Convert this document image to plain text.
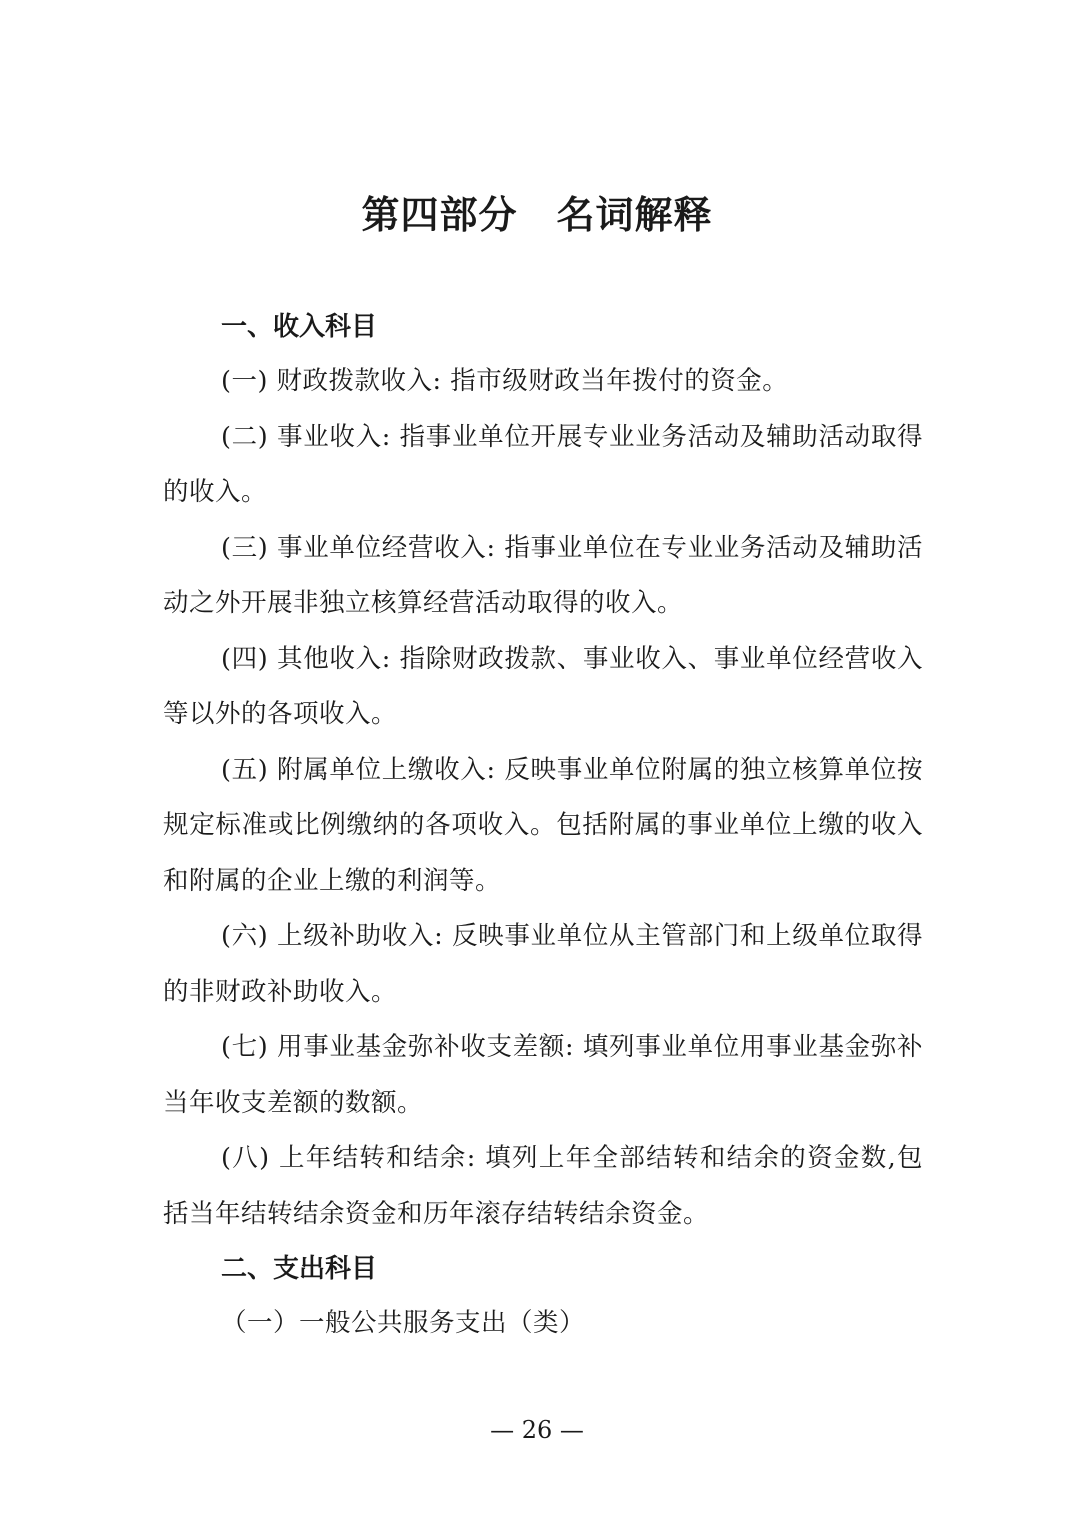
第四部分　名词解释

一、收入科目

(一) 财政拨款收入: 指市级财政当年拨付的资金。

(二) 事业收入: 指事业单位开展专业业务活动及辅助活动取得的收入。

(三) 事业单位经营收入: 指事业单位在专业业务活动及辅助活动之外开展非独立核算经营活动取得的收入。

(四) 其他收入: 指除财政拨款、事业收入、事业单位经营收入等以外的各项收入。

(五) 附属单位上缴收入: 反映事业单位附属的独立核算单位按规定标准或比例缴纳的各项收入。包括附属的事业单位上缴的收入和附属的企业上缴的利润等。

(六) 上级补助收入: 反映事业单位从主管部门和上级单位取得的非财政补助收入。

(七) 用事业基金弥补收支差额: 填列事业单位用事业基金弥补当年收支差额的数额。

(八) 上年结转和结余: 填列上年全部结转和结余的资金数,包括当年结转结余资金和历年滚存结转结余资金。

二、支出科目

（一）一般公共服务支出（类）

— 26 —
